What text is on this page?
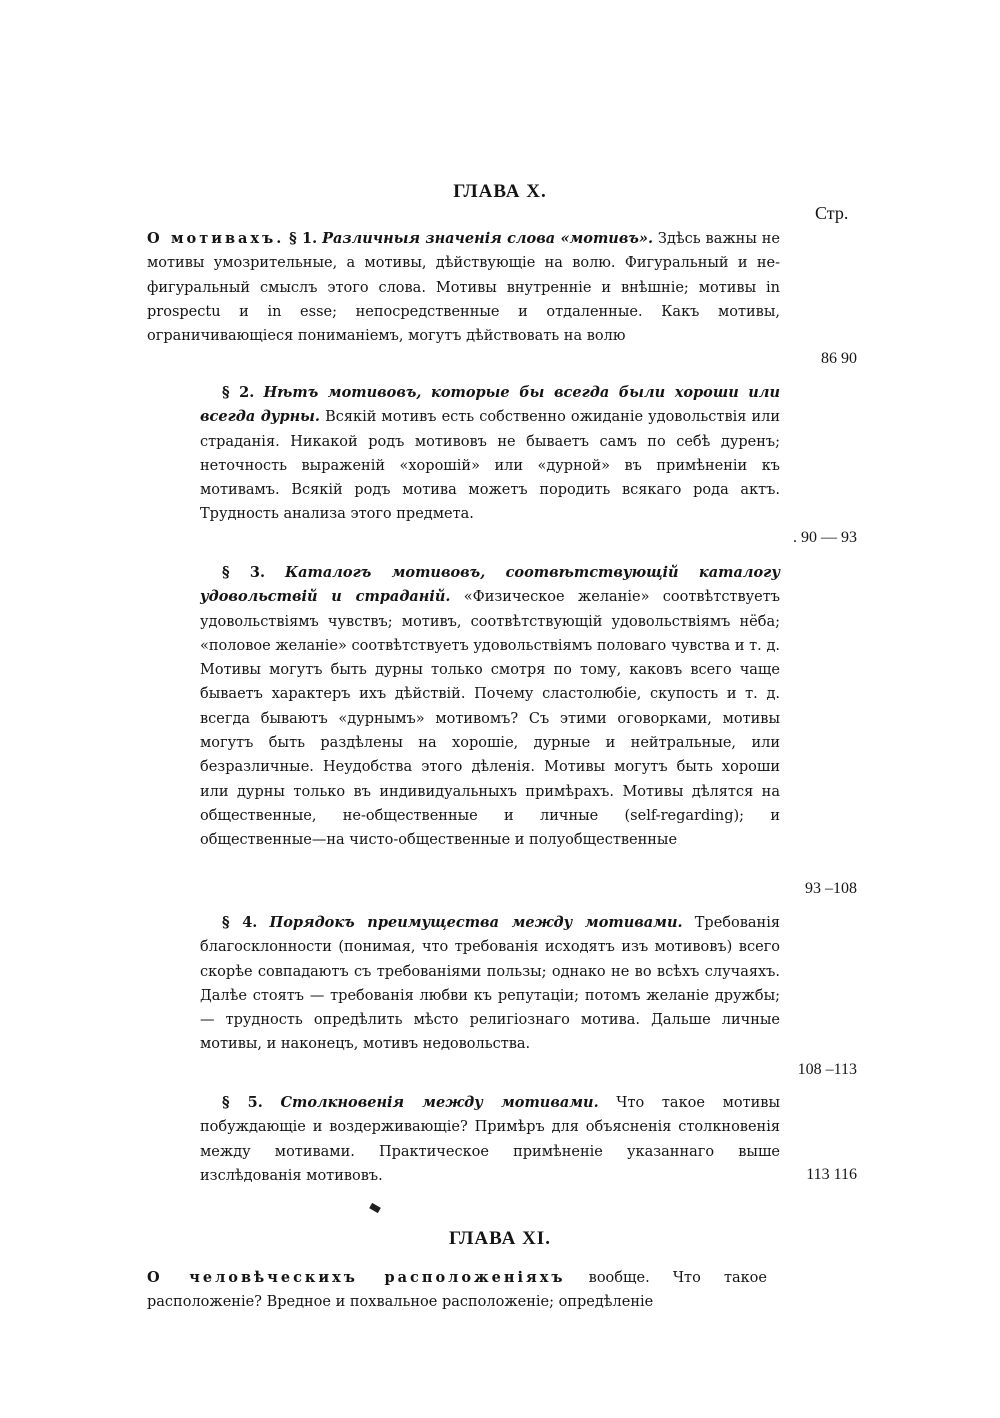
ГЛАВА X.
Стр.

О мотивахъ. § 1. Различныя значенія слова «мотивъ». Здѣсь важны не мотивы умозрительные, а мотивы, дѣйствующіе на волю. Фигуральный и не-фигуральный смыслъ этого слова. Мотивы внутренніе и внѣшніе; мотивы in prospectu и in esse; непосредственные и отдаленные. Какъ мотивы, ограничивающіеся пониманіемъ, могутъ дѣйствовать на волю

86 90

§ 2. Нѣтъ мотивовъ, которые бы всегда были хороши или всегда дурны. Всякій мотивъ есть собственно ожиданіе удовольствія или страданія. Никакой родъ мотивовъ не бываетъ самъ по себѣ дуренъ; неточность выраженій «хорошій» или «дурной» въ примѣненіи къ мотивамъ. Всякій родъ мотива можетъ породить всякаго рода актъ. Трудность анализа этого предмета.

. 90 — 93

§ 3. Каталогъ мотивовъ, соотвѣтствующій каталогу удовольствій и страданій. «Физическое желаніе» соотвѣтствуетъ удовольствіямъ чувствъ; мотивъ, соотвѣтствующій удовольствіямъ нёба; «половое желаніе» соотвѣтствуетъ удовольствіямъ половаго чувства и т. д. Мотивы могутъ быть дурны только смотря по тому, каковъ всего чаще бываетъ характеръ ихъ дѣйствій. Почему сластолюбіе, скупость и т. д. всегда бываютъ «дурнымъ» мотивомъ? Съ этими оговорками, мотивы могутъ быть раздѣлены на хорошіе, дурные и нейтральные, или безразличные. Неудобства этого дѣленія. Мотивы могутъ быть хороши или дурны только въ индивидуальныхъ примѣрахъ. Мотивы дѣлятся на общественные, не-общественные и личные (self-regarding); и общественные—на чисто-общественные и полуобщественные

93 –108

§ 4. Порядокъ преимущества между мотивами. Требованія благосклонности (понимая, что требованія исходятъ изъ мотивовъ) всего скорѣе совпадаютъ съ требованіями пользы; однако не во всѣхъ случаяхъ. Далѣе стоятъ — требованія любви къ репутаціи; потомъ желаніе дружбы; — трудность опредѣлить мѣсто религіознаго мотива. Дальше личные мотивы, и наконецъ, мотивъ недовольства.

108 –113

§ 5. Столкновенія между мотивами. Что такое мотивы побуждающіе и воздерживающіе? Примѣръ для объясненія столкновенія между мотивами. Практическое примѣненіе указаннаго выше изслѣдованія мотивовъ.	113 116
ГЛАВА XI.

О человѣческихъ расположеніяхъ вообще. Что такое расположеніе? Вредное и похвальное расположеніе; опредѣленіе
